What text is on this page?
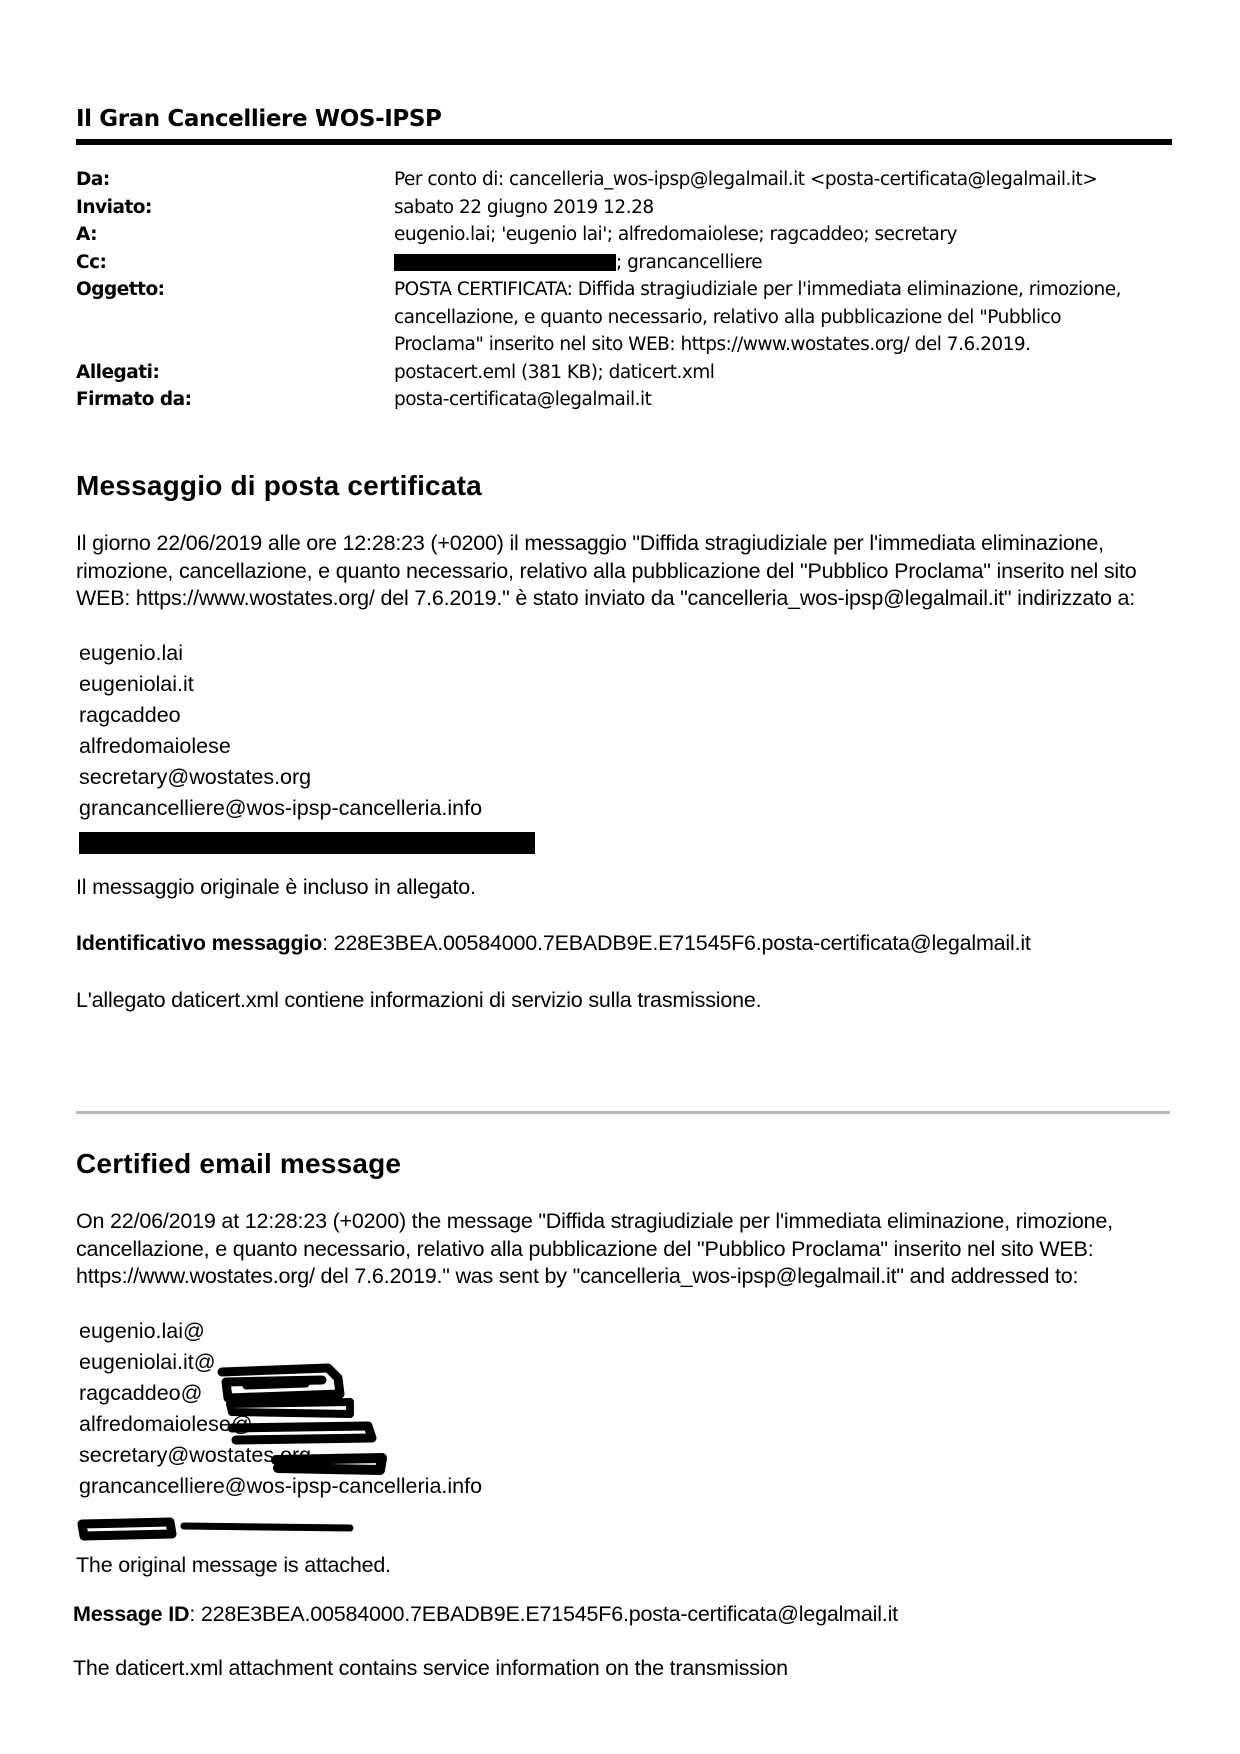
Il Gran Cancelliere WOS-IPSP
Da:	Per conto di: cancelleria_wos-ipsp@legalmail.it <posta-certificata@legalmail.it>
Inviato:	sabato 22 giugno 2019 12.28
A:	eugenio.lai; 'eugenio lai'; alfredomaiolese; ragcaddeo; secretary
Cc:	; grancancelliere
Oggetto:	POSTA CERTIFICATA: Diffida stragiudiziale per l'immediata eliminazione, rimozione,
cancellazione, e quanto necessario, relativo alla pubblicazione del "Pubblico
Proclama" inserito nel sito WEB: https://www.wostates.org/ del 7.6.2019.
Allegati:	postacert.eml (381 KB); daticert.xml
Firmato da:	posta-certificata@legalmail.it
Messaggio di posta certificata
Il giorno 22/06/2019 alle ore 12:28:23 (+0200) il messaggio "Diffida stragiudiziale per l'immediata eliminazione, rimozione, cancellazione, e quanto necessario, relativo alla pubblicazione del "Pubblico Proclama" inserito nel sito WEB: https://www.wostates.org/ del 7.6.2019." è stato inviato da "cancelleria_wos-ipsp@legalmail.it" indirizzato a:
eugenio.lai
eugeniolai.it
ragcaddeo
alfredomaiolese
secretary@wostates.org
grancancelliere@wos-ipsp-cancelleria.info
Il messaggio originale è incluso in allegato.
Identificativo messaggio: 228E3BEA.00584000.7EBADB9E.E71545F6.posta-certificata@legalmail.it
L'allegato daticert.xml contiene informazioni di servizio sulla trasmissione.
Certified email message
On 22/06/2019 at 12:28:23 (+0200) the message "Diffida stragiudiziale per l'immediata eliminazione, rimozione, cancellazione, e quanto necessario, relativo alla pubblicazione del "Pubblico Proclama" inserito nel sito WEB: https://www.wostates.org/ del 7.6.2019." was sent by "cancelleria_wos-ipsp@legalmail.it" and addressed to:
eugenio.lai@
eugeniolai.it@
ragcaddeo@
alfredomaiolese@
secretary@wostates.org
grancancelliere@wos-ipsp-cancelleria.info
The original message is attached.
Message ID: 228E3BEA.00584000.7EBADB9E.E71545F6.posta-certificata@legalmail.it
The daticert.xml attachment contains service information on the transmission
